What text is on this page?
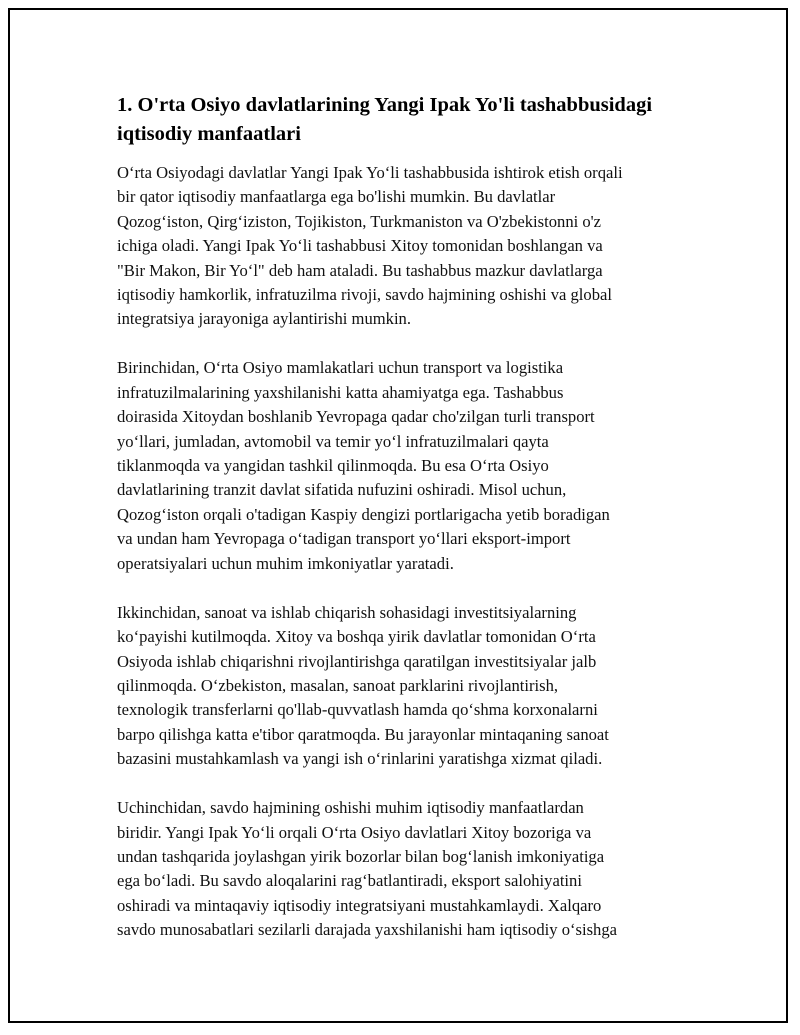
1. O'rta Osiyo davlatlarining Yangi Ipak Yo'li tashabbusidagi
iqtisodiy manfaatlari
O‘rta Osiyodagi davlatlar Yangi Ipak Yo‘li tashabbusida ishtirok etish orqali
bir qator iqtisodiy manfaatlarga ega bo'lishi mumkin. Bu davlatlar
Qozog‘iston, Qirg‘iziston, Tojikiston, Turkmaniston va O'zbekistonni o'z
ichiga oladi. Yangi Ipak Yo‘li tashabbusi Xitoy tomonidan boshlangan va
"Bir Makon, Bir Yo‘l" deb ham ataladi. Bu tashabbus mazkur davlatlarga
iqtisodiy hamkorlik, infratuzilma rivoji, savdo hajmining oshishi va global
integratsiya jarayoniga aylantirishi mumkin.
Birinchidan, O‘rta Osiyo mamlakatlari uchun transport va logistika
infratuzilmalarining yaxshilanishi katta ahamiyatga ega. Tashabbus
doirasida Xitoydan boshlanib Yevropaga qadar cho'zilgan turli transport
yo‘llari, jumladan, avtomobil va temir yo‘l infratuzilmalari qayta
tiklanmoqda va yangidan tashkil qilinmoqda. Bu esa O‘rta Osiyo
davlatlarining tranzit davlat sifatida nufuzini oshiradi. Misol uchun,
Qozog‘iston orqali o'tadigan Kaspiy dengizi portlarigacha yetib boradigan
va undan ham Yevropaga o‘tadigan transport yo‘llari eksport-import
operatsiyalari uchun muhim imkoniyatlar yaratadi.
Ikkinchidan, sanoat va ishlab chiqarish sohasidagi investitsiyalarning
ko‘payishi kutilmoqda. Xitoy va boshqa yirik davlatlar tomonidan O‘rta
Osiyoda ishlab chiqarishni rivojlantirishga qaratilgan investitsiyalar jalb
qilinmoqda. O‘zbekiston, masalan, sanoat parklarini rivojlantirish,
texnologik transferlarni qo'llab-quvvatlash hamda qo‘shma korxonalarni
barpo qilishga katta e'tibor qaratmoqda. Bu jarayonlar mintaqaning sanoat
bazasini mustahkamlash va yangi ish o‘rinlarini yaratishga xizmat qiladi.
Uchinchidan, savdo hajmining oshishi muhim iqtisodiy manfaatlardan
biridir. Yangi Ipak Yo‘li orqali O‘rta Osiyo davlatlari Xitoy bozoriga va
undan tashqarida joylashgan yirik bozorlar bilan bog‘lanish imkoniyatiga
ega bo‘ladi. Bu savdo aloqalarini rag‘batlantiradi, eksport salohiyatini
oshiradi va mintaqaviy iqtisodiy integratsiyani mustahkamlaydi. Xalqaro
savdo munosabatlari sezilarli darajada yaxshilanishi ham iqtisodiy o‘sishga
